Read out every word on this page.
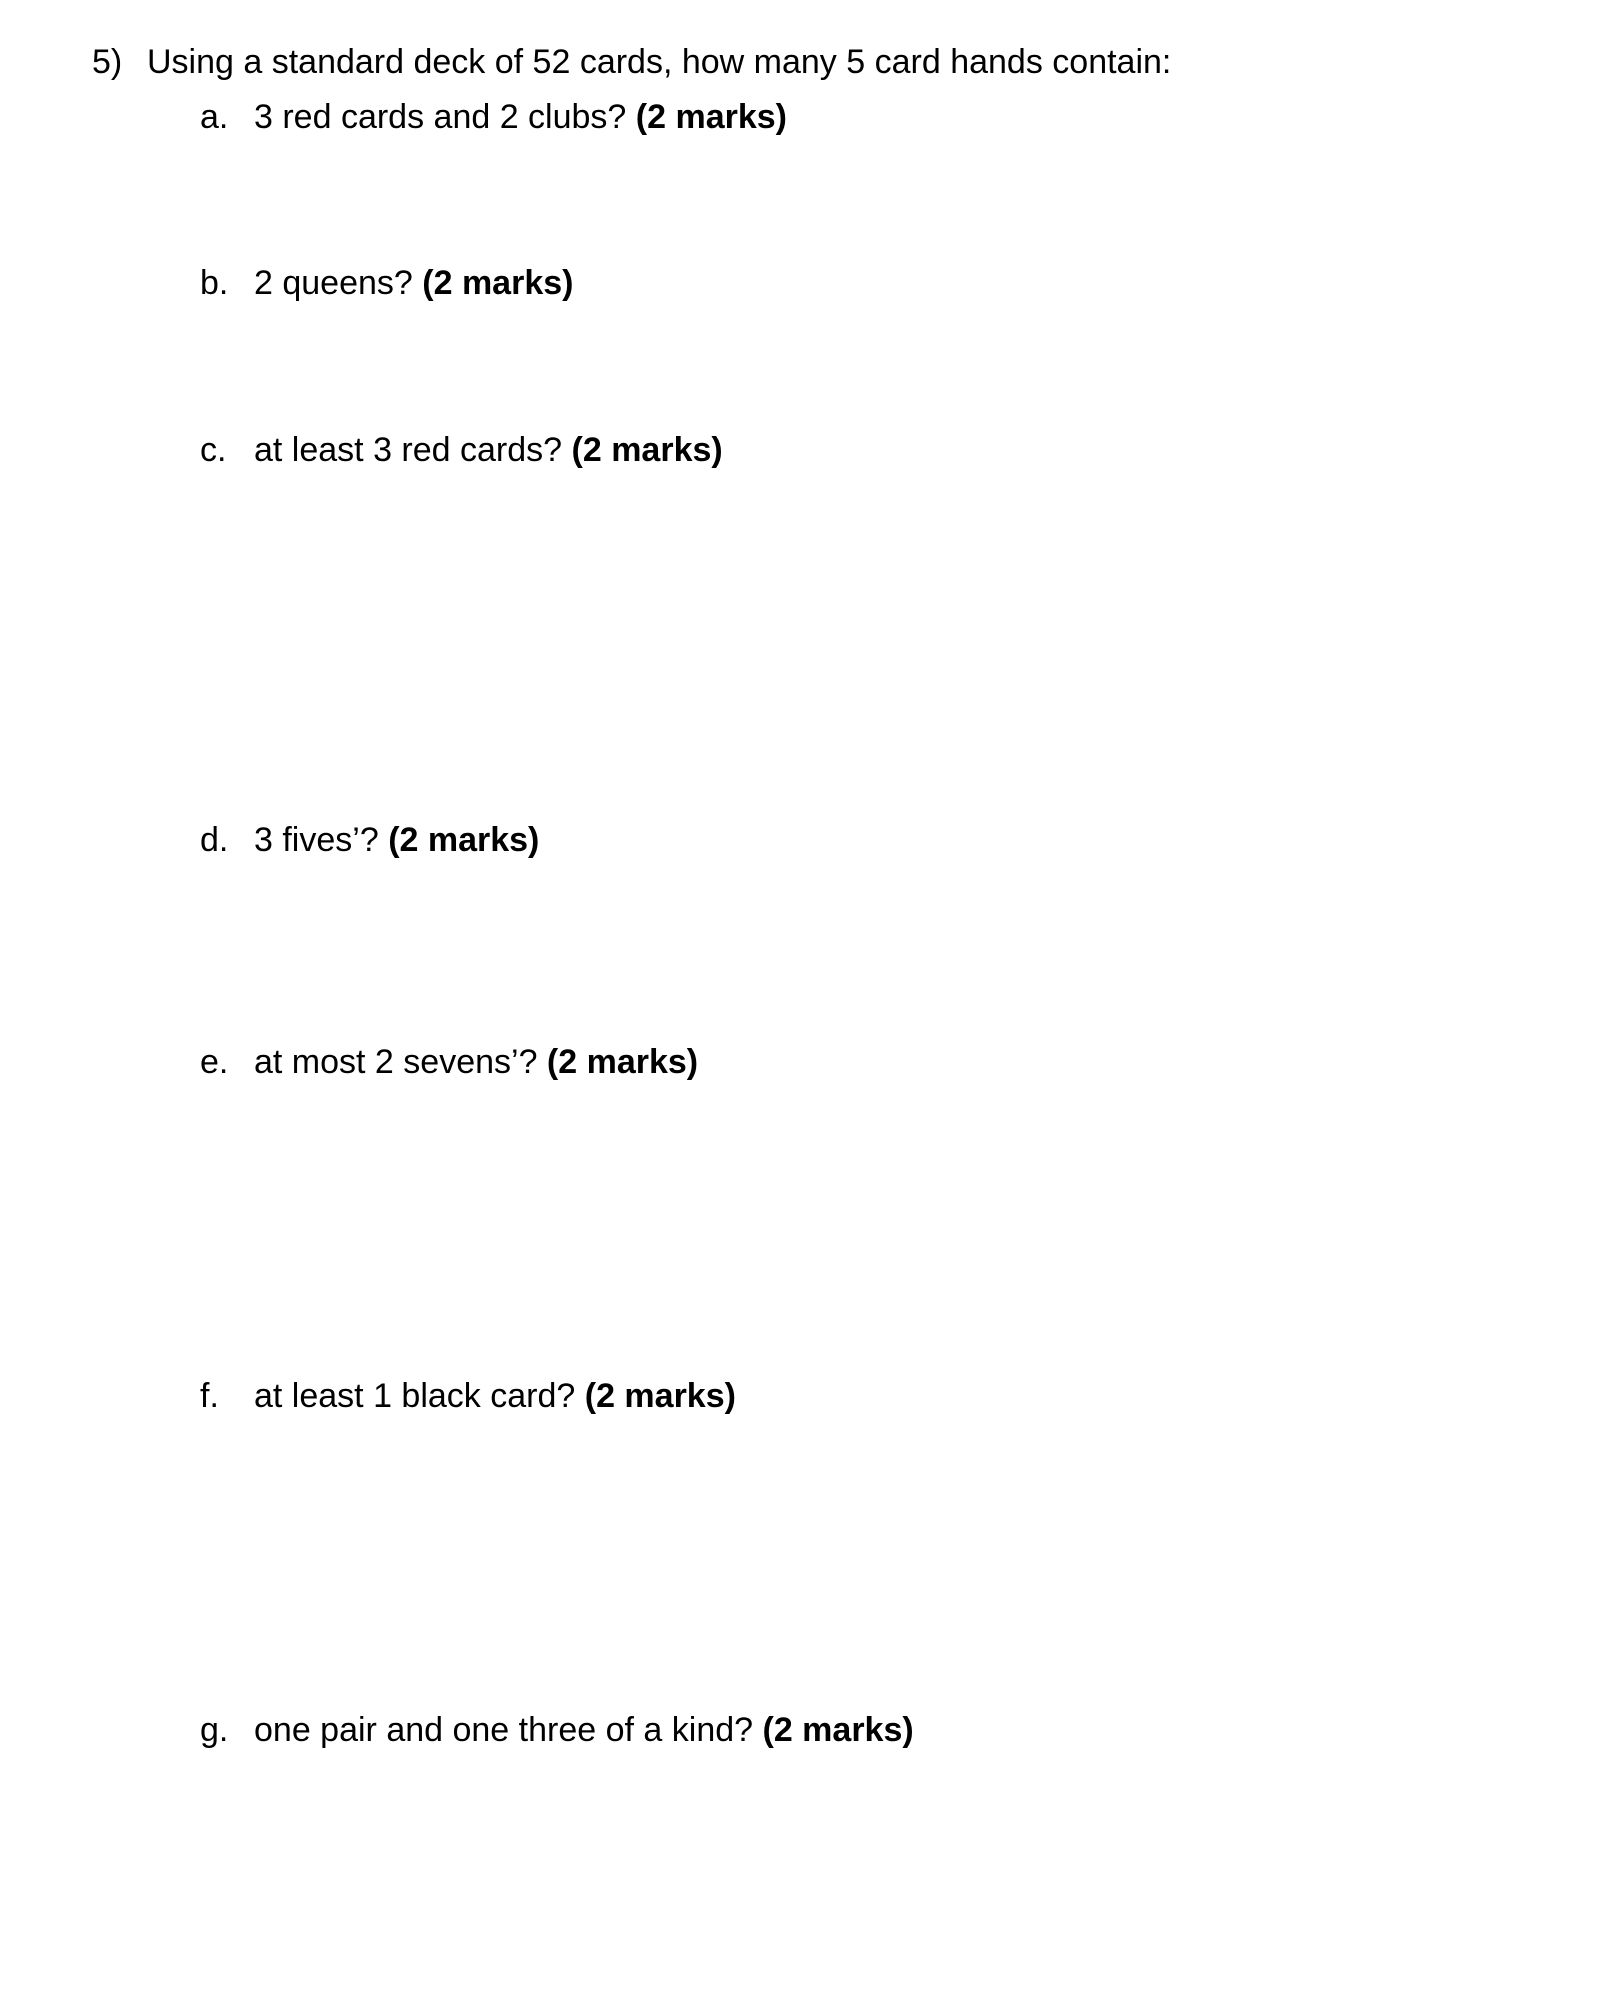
5) Using a standard deck of 52 cards, how many 5 card hands contain:
a. 3 red cards and 2 clubs? (2 marks)
b. 2 queens? (2 marks)
c. at least 3 red cards? (2 marks)
d. 3 fives’? (2 marks)
e. at most 2 sevens’? (2 marks)
f. at least 1 black card? (2 marks)
g. one pair and one three of a kind? (2 marks)
